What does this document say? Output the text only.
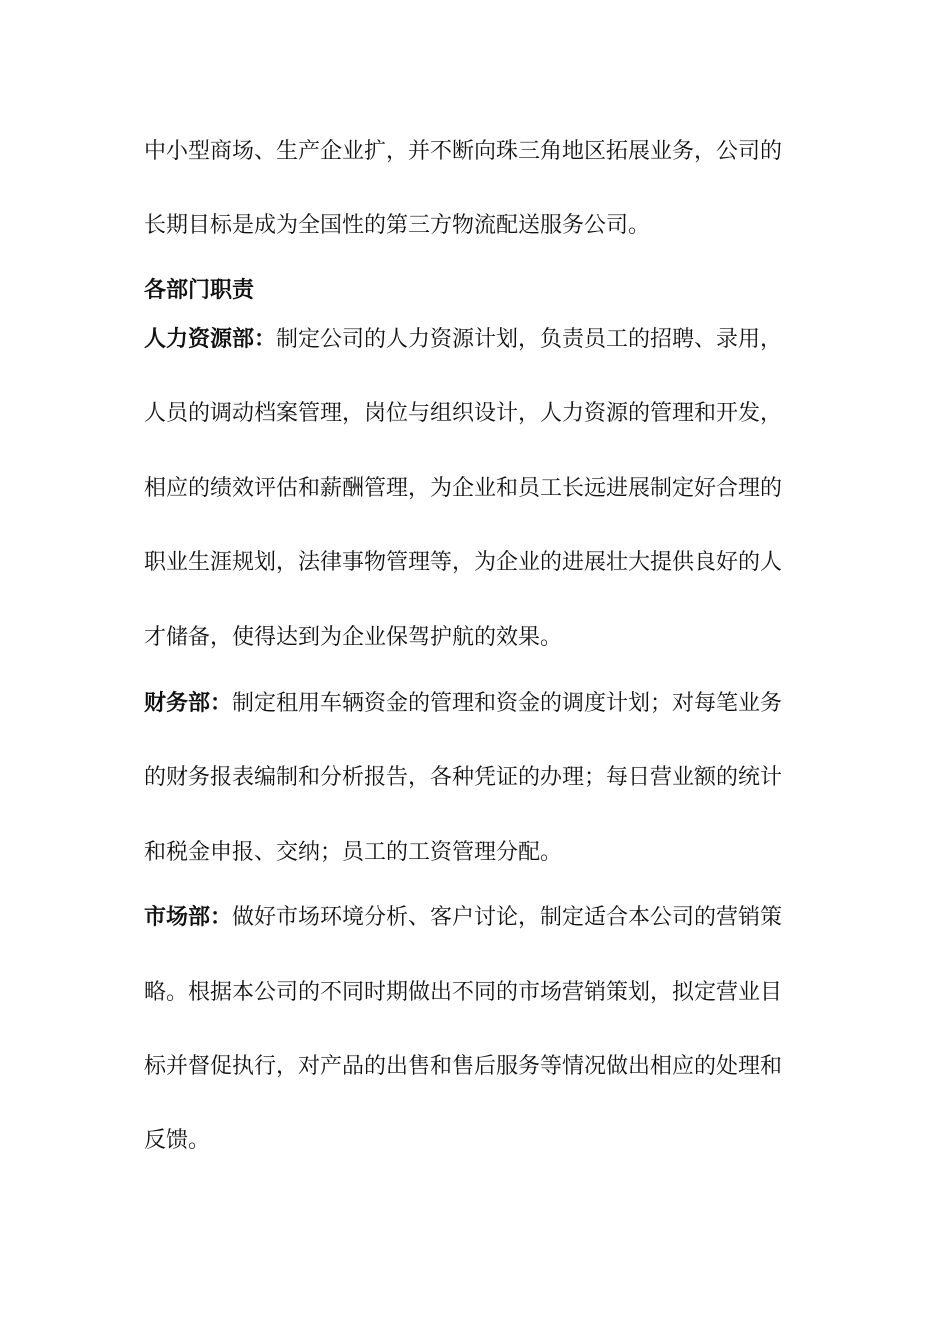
中小型商场、生产企业扩，并不断向珠三角地区拓展业务，公司的
长期目标是成为全国性的第三方物流配送服务公司。
各部门职责
人力资源部：制定公司的人力资源计划，负责员工的招聘、录用，
人员的调动档案管理，岗位与组织设计，人力资源的管理和开发，
相应的绩效评估和薪酬管理，为企业和员工长远进展制定好合理的
职业生涯规划，法律事物管理等，为企业的进展壮大提供良好的人
才储备，使得达到为企业保驾护航的效果。
财务部：制定租用车辆资金的管理和资金的调度计划；对每笔业务
的财务报表编制和分析报告，各种凭证的办理；每日营业额的统计
和税金申报、交纳；员工的工资管理分配。
市场部：做好市场环境分析、客户讨论，制定适合本公司的营销策
略。根据本公司的不同时期做出不同的市场营销策划，拟定营业目
标并督促执行，对产品的出售和售后服务等情况做出相应的处理和
反馈。
